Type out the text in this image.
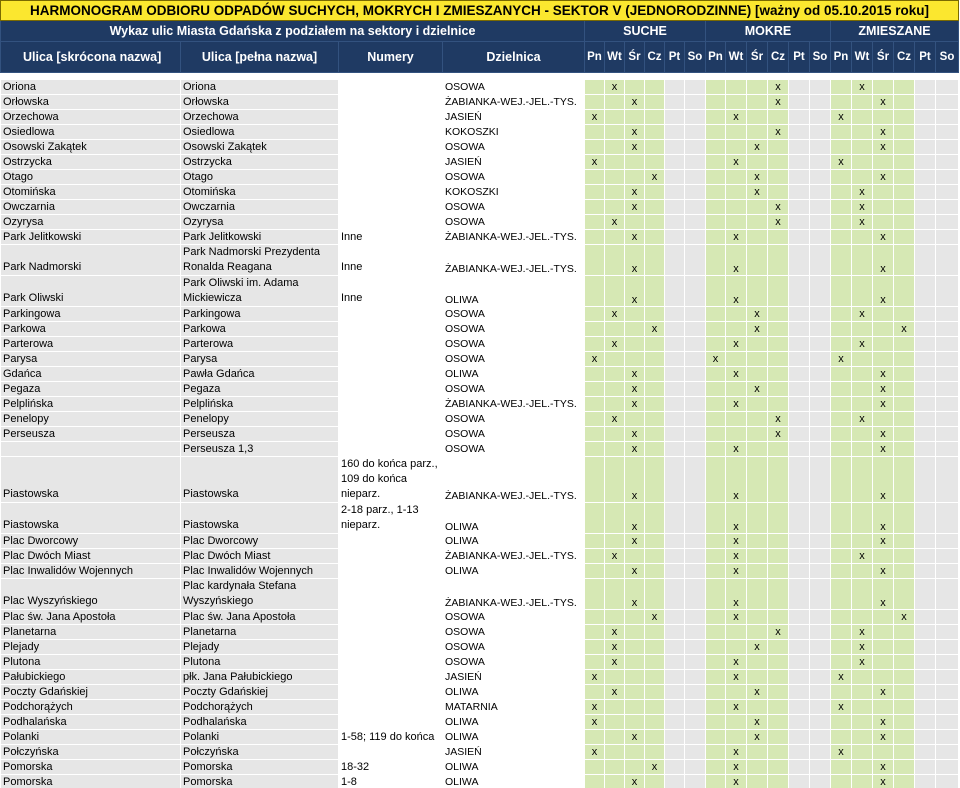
HARMONOGRAM ODBIORU ODPADÓW SUCHYCH, MOKRYCH I ZMIESZANYCH - SEKTOR V (JEDNORODZINNE) [ważny od 05.10.2015 roku]																					
Wykaz ulic Miasta Gdańska z podziałem na sektory i dzielnice				SUCHE						MOKRE						ZMIESZANE					
Ulica [skrócona nazwa]	Ulica [pełna nazwa]	Numery	Dzielnica	Pn	Wt	Śr	Cz	Pt	So	Pn	Wt	Śr	Cz	Pt	So	Pn	Wt	Śr	Cz	Pt	So

Oriona	Oriona		OSOWA		x								x				x				
Orłowska	Orłowska		ŻABIANKA-WEJ.-JEL.-TYS.			x							x					x			
Orzechowa	Orzechowa		JASIEŃ	x							x					x					
Osiedlowa	Osiedlowa		KOKOSZKI			x							x					x			
Osowski Zakątek	Osowski Zakątek		OSOWA			x						x						x			
Ostrzycka	Ostrzycka		JASIEŃ	x							x					x					
Otago	Otago		OSOWA				x					x						x			
Otomińska	Otomińska		KOKOSZKI			x						x					x				
Owczarnia	Owczarnia		OSOWA			x							x				x				
Ozyrysa	Ozyrysa		OSOWA		x								x				x				
Park Jelitkowski	Park Jelitkowski	Inne	ŻABIANKA-WEJ.-JEL.-TYS.			x					x							x			
Park Nadmorski	Park Nadmorski Prezydenta Ronalda Reagana	Inne	ŻABIANKA-WEJ.-JEL.-TYS.			x					x							x			
Park Oliwski	Park Oliwski im. Adama Mickiewicza	Inne	OLIWA			x					x							x			
Parkingowa	Parkingowa		OSOWA		x							x					x				
Parkowa	Parkowa		OSOWA				x					x							x		
Parterowa	Parterowa		OSOWA		x						x						x				
Parysa	Parysa		OSOWA	x						x						x					
Gdańca	Pawła Gdańca		OLIWA			x					x							x			
Pegaza	Pegaza		OSOWA			x						x						x			
Pelplińska	Pelplińska		ŻABIANKA-WEJ.-JEL.-TYS.			x					x							x			
Penelopy	Penelopy		OSOWA		x								x				x				
Perseusza	Perseusza		OSOWA			x							x					x			
	Perseusza 1,3		OSOWA			x					x							x			
Piastowska	Piastowska	160 do końca parz., 109 do końca nieparz.	ŻABIANKA-WEJ.-JEL.-TYS.			x					x							x			
Piastowska	Piastowska	2-18 parz., 1-13 nieparz.	OLIWA			x					x							x			
Plac Dworcowy	Plac Dworcowy		OLIWA			x					x							x			
Plac Dwóch Miast	Plac Dwóch Miast		ŻABIANKA-WEJ.-JEL.-TYS.		x						x						x				
Plac Inwalidów Wojennych	Plac Inwalidów Wojennych		OLIWA			x					x							x			
Plac Wyszyńskiego	Plac kardynała Stefana Wyszyńskiego		ŻABIANKA-WEJ.-JEL.-TYS.			x					x							x			
Plac św. Jana Apostoła	Plac św. Jana Apostoła		OSOWA				x				x								x		
Planetarna	Planetarna		OSOWA		x								x				x				
Plejady	Plejady		OSOWA		x							x					x				
Plutona	Plutona		OSOWA		x						x						x				
Pałubickiego	płk. Jana Pałubickiego		JASIEŃ	x							x					x					
Poczty Gdańskiej	Poczty Gdańskiej		OLIWA		x							x						x			
Podchorążych	Podchorążych		MATARNIA	x							x					x					
Podhalańska	Podhalańska		OLIWA	x								x						x			
Polanki	Polanki	1-58; 119 do końca	OLIWA			x						x						x			
Połczyńska	Połczyńska		JASIEŃ	x							x					x					
Pomorska	Pomorska	18-32	OLIWA				x				x							x			
Pomorska	Pomorska	1-8	OLIWA			x					x							x			
